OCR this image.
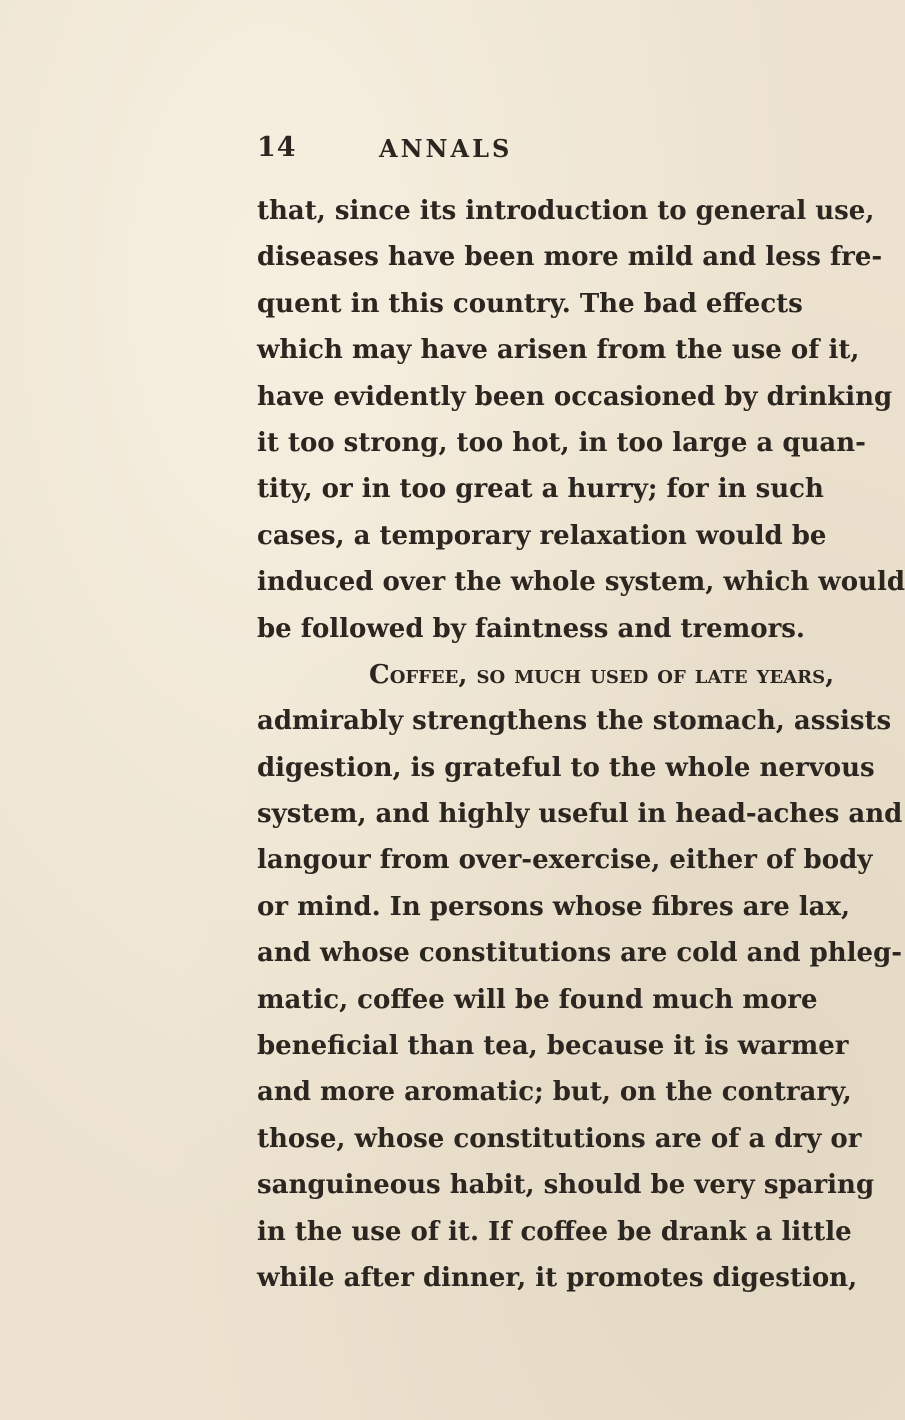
14	ANNALS
that, since its introduction to general use,
diseases have been more mild and less fre-
quent in this country. The bad effects
which may have arisen from the use of it,
have evidently been occasioned by drinking
it too strong, too hot, in too large a quan-
tity, or in too great a hurry; for in such
cases, a temporary relaxation would be
induced over the whole system, which would
be followed by faintness and tremors.
Coffee, so much used of late years,
admirably strengthens the stomach, assists
digestion, is grateful to the whole nervous
system, and highly useful in head-aches and
langour from over-exercise, either of body
or mind. In persons whose fibres are lax,
and whose constitutions are cold and phleg-
matic, coffee will be found much more
beneficial than tea, because it is warmer
and more aromatic; but, on the contrary,
those, whose constitutions are of a dry or
sanguineous habit, should be very sparing
in the use of it. If coffee be drank a little
while after dinner, it promotes digestion,
